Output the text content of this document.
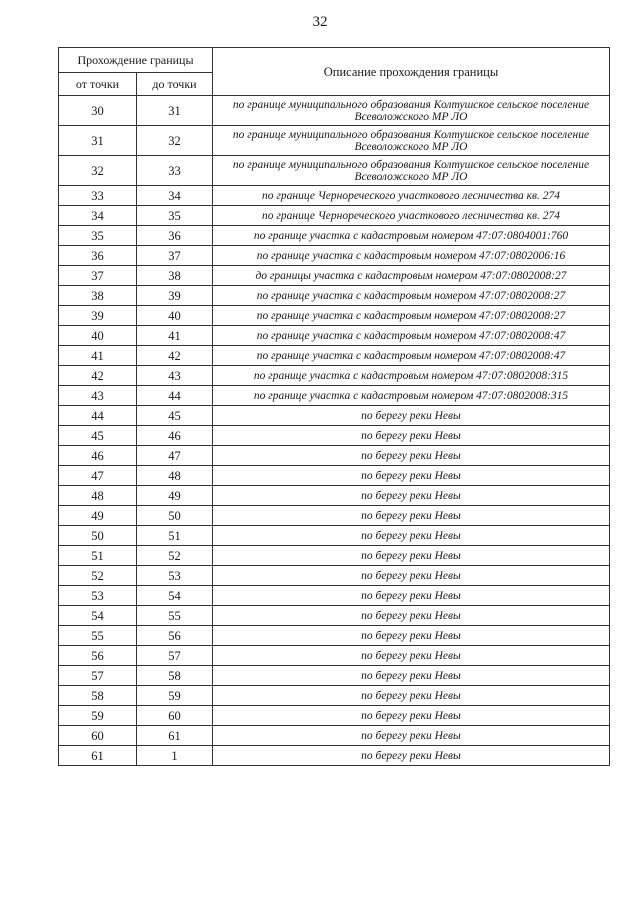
32
Прохождение границы		Описание прохождения границы
от точки	до точки	
30	31	по границе муниципального образования Колтушское сельское поселение Всеволожского МР ЛО
31	32	по границе муниципального образования Колтушское сельское поселение Всеволожского МР ЛО
32	33	по границе муниципального образования Колтушское сельское поселение Всеволожского МР ЛО
33	34	по границе Черноречеcкого участкового лесничества кв. 274
34	35	по границе Черноречеcкого участкового лесничества кв. 274
35	36	по границе участка с кадастровым номером 47:07:0804001:760
36	37	по границе участка с кадастровым номером 47:07:0802006:16
37	38	до границы участка с кадастровым номером 47:07:0802008:27
38	39	по границе участка с кадастровым номером 47:07:0802008:27
39	40	по границе участка с кадастровым номером 47:07:0802008:27
40	41	по границе участка с кадастровым номером 47:07:0802008:47
41	42	по границе участка с кадастровым номером 47:07:0802008:47
42	43	по границе участка с кадастровым номером 47:07:0802008:315
43	44	по границе участка с кадастровым номером 47:07:0802008:315
44	45	по берегу реки Невы
45	46	по берегу реки Невы
46	47	по берегу реки Невы
47	48	по берегу реки Невы
48	49	по берегу реки Невы
49	50	по берегу реки Невы
50	51	по берегу реки Невы
51	52	по берегу реки Невы
52	53	по берегу реки Невы
53	54	по берегу реки Невы
54	55	по берегу реки Невы
55	56	по берегу реки Невы
56	57	по берегу реки Невы
57	58	по берегу реки Невы
58	59	по берегу реки Невы
59	60	по берегу реки Невы
60	61	по берегу реки Невы
61	1	по берегу реки Невы
